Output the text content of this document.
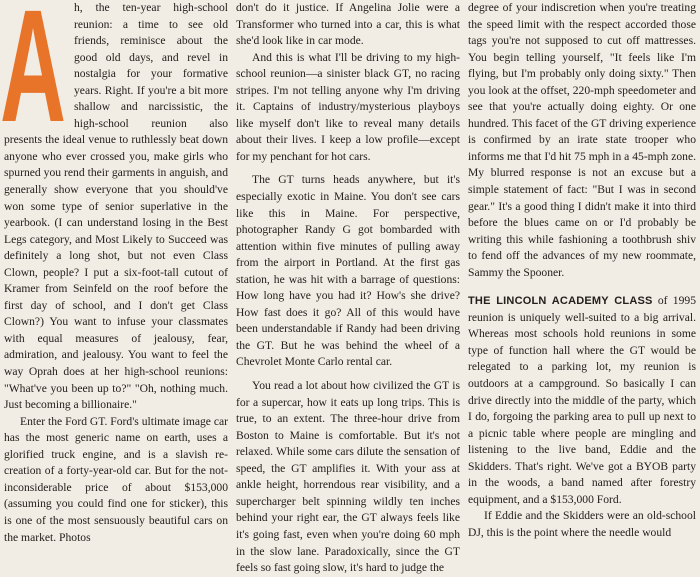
A h, the ten-year high-school reunion: a time to see old friends, reminisce about the good old days, and revel in nostalgia for your formative years. Right. If you're a bit more shallow and narcissistic, the high-school reunion also presents the ideal venue to ruthlessly beat down anyone who ever crossed you, make girls who spurned you rend their garments in anguish, and generally show everyone that you should've won some type of senior superlative in the yearbook. (I can understand losing in the Best Legs category, and Most Likely to Succeed was definitely a long shot, but not even Class Clown, people? I put a six-foot-tall cutout of Kramer from Seinfeld on the roof before the first day of school, and I don't get Class Clown?) You want to infuse your classmates with equal measures of jealousy, fear, admiration, and jealousy. You want to feel the way Oprah does at her high-school reunions: "What've you been up to?" "Oh, nothing much. Just becoming a billionaire."

Enter the Ford GT. Ford's ultimate image car has the most generic name on earth, uses a glorified truck engine, and is a slavish re-creation of a forty-year-old car. But for the not-inconsiderable price of about $153,000 (assuming you could find one for sticker), this is one of the most sensuously beautiful cars on the market. Photos

don't do it justice. If Angelina Jolie were a Transformer who turned into a car, this is what she'd look like in car mode.

And this is what I'll be driving to my high-school reunion—a sinister black GT, no racing stripes. I'm not telling anyone why I'm driving it. Captains of industry/mysterious playboys like myself don't like to reveal many details about their lives. I keep a low profile—except for my penchant for hot cars.

The GT turns heads anywhere, but it's especially exotic in Maine. You don't see cars like this in Maine. For perspective, photographer Randy G got bombarded with attention within five minutes of pulling away from the airport in Portland. At the first gas station, he was hit with a barrage of questions: How long have you had it? How's she drive? How fast does it go? All of this would have been understandable if Randy had been driving the GT. But he was behind the wheel of a Chevrolet Monte Carlo rental car.

You read a lot about how civilized the GT is for a supercar, how it eats up long trips. This is true, to an extent. The three-hour drive from Boston to Maine is comfortable. But it's not relaxed. While some cars dilute the sensation of speed, the GT amplifies it. With your ass at ankle height, horrendous rear visibility, and a supercharger belt spinning wildly ten inches behind your right ear, the GT always feels like it's going fast, even when you're doing 60 mph in the slow lane. Paradoxically, since the GT feels so fast going slow, it's hard to judge the

degree of your indiscretion when you're treating the speed limit with the respect accorded those tags you're not supposed to cut off mattresses. You begin telling yourself, "It feels like I'm flying, but I'm probably only doing sixty." Then you look at the offset, 220-mph speedometer and see that you're actually doing eighty. Or one hundred. This facet of the GT driving experience is confirmed by an irate state trooper who informs me that I'd hit 75 mph in a 45-mph zone. My blurred response is not an excuse but a simple statement of fact: "But I was in second gear." It's a good thing I didn't make it into third before the blues came on or I'd probably be writing this while fashioning a toothbrush shiv to fend off the advances of my new roommate, Sammy the Spooner.

THE LINCOLN ACADEMY CLASS of 1995 reunion is uniquely well-suited to a big arrival. Whereas most schools hold reunions in some type of function hall where the GT would be relegated to a parking lot, my reunion is outdoors at a campground. So basically I can drive directly into the middle of the party, which I do, forgoing the parking area to pull up next to a picnic table where people are mingling and listening to the live band, Eddie and the Skidders. That's right. We've got a BYOB party in the woods, a band named after forestry equipment, and a $153,000 Ford.

If Eddie and the Skidders were an old-school DJ, this is the point where the needle would
